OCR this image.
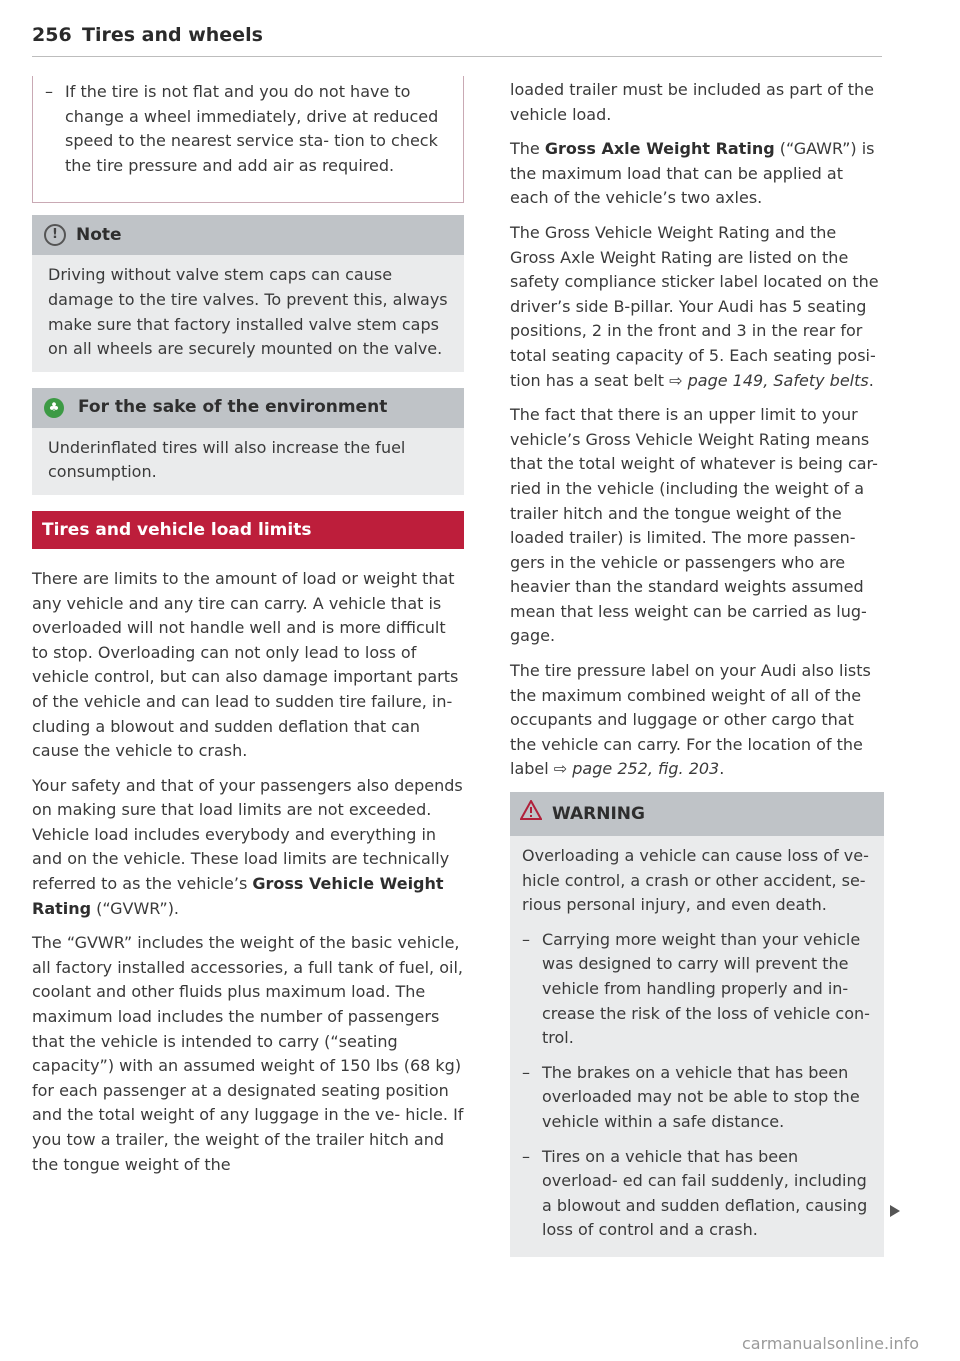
256 Tires and wheels

– If the tire is not flat and you do not have to change a wheel immediately, drive at reduced speed to the nearest service sta- tion to check the tire pressure and add air as required.

!	Note
Driving without valve stem caps can cause damage to the tire valves. To prevent this, always make sure that factory installed valve stem caps on all wheels are securely mounted on the valve.
♣ For the sake of the environment
Underinflated tires will also increase the fuel consumption.
Tires and vehicle load limits

There are limits to the amount of load or weight that any vehicle and any tire can carry. A vehicle that is overloaded will not handle well and is more difficult to stop. Overloading can not only lead to loss of vehicle control, but can also damage important parts of the vehicle and can lead to sudden tire failure, in- cluding a blowout and sudden deflation that can cause the vehicle to crash.

Your safety and that of your passengers also depends on making sure that load limits are not exceeded. Vehicle load includes everybody and everything in and on the vehicle. These load limits are technically referred to as the vehicle’s Gross Vehicle Weight Rating (“GVWR”).

The “GVWR” includes the weight of the basic vehicle, all factory installed accessories, a full tank of fuel, oil, coolant and other fluids plus maximum load. The maximum load includes the number of passengers that the vehicle is intended to carry (“seating capacity”) with an assumed weight of 150 lbs (68 kg) for each passenger at a designated seating position and the total weight of any luggage in the ve- hicle. If you tow a trailer, the weight of the trailer hitch and the tongue weight of the

loaded trailer must be included as part of the vehicle load.

The Gross Axle Weight Rating (“GAWR”) is the maximum load that can be applied at each of the vehicle’s two axles.

The Gross Vehicle Weight Rating and the Gross Axle Weight Rating are listed on the safety compliance sticker label located on the driver’s side B-pillar. Your Audi has 5 seating positions, 2 in the front and 3 in the rear for total seating capacity of 5. Each seating posi- tion has a seat belt ⇨ page 149, Safety belts.

The fact that there is an upper limit to your vehicle’s Gross Vehicle Weight Rating means that the total weight of whatever is being car- ried in the vehicle (including the weight of a trailer hitch and the tongue weight of the loaded trailer) is limited. The more passen- gers in the vehicle or passengers who are heavier than the standard weights assumed mean that less weight can be carried as lug- gage.

The tire pressure label on your Audi also lists the maximum combined weight of all of the occupants and luggage or other cargo that the vehicle can carry. For the location of the label ⇨ page 252, fig. 203.

WARNING

Overloading a vehicle can cause loss of ve- hicle control, a crash or other accident, se- rious personal injury, and even death.

– Carrying more weight than your vehicle was designed to carry will prevent the vehicle from handling properly and in- crease the risk of the loss of vehicle con- trol.

– The brakes on a vehicle that has been overloaded may not be able to stop the vehicle within a safe distance.

– Tires on a vehicle that has been overload- ed can fail suddenly, including a blowout and sudden deflation, causing loss of control and a crash.

carmanualsonline.info
